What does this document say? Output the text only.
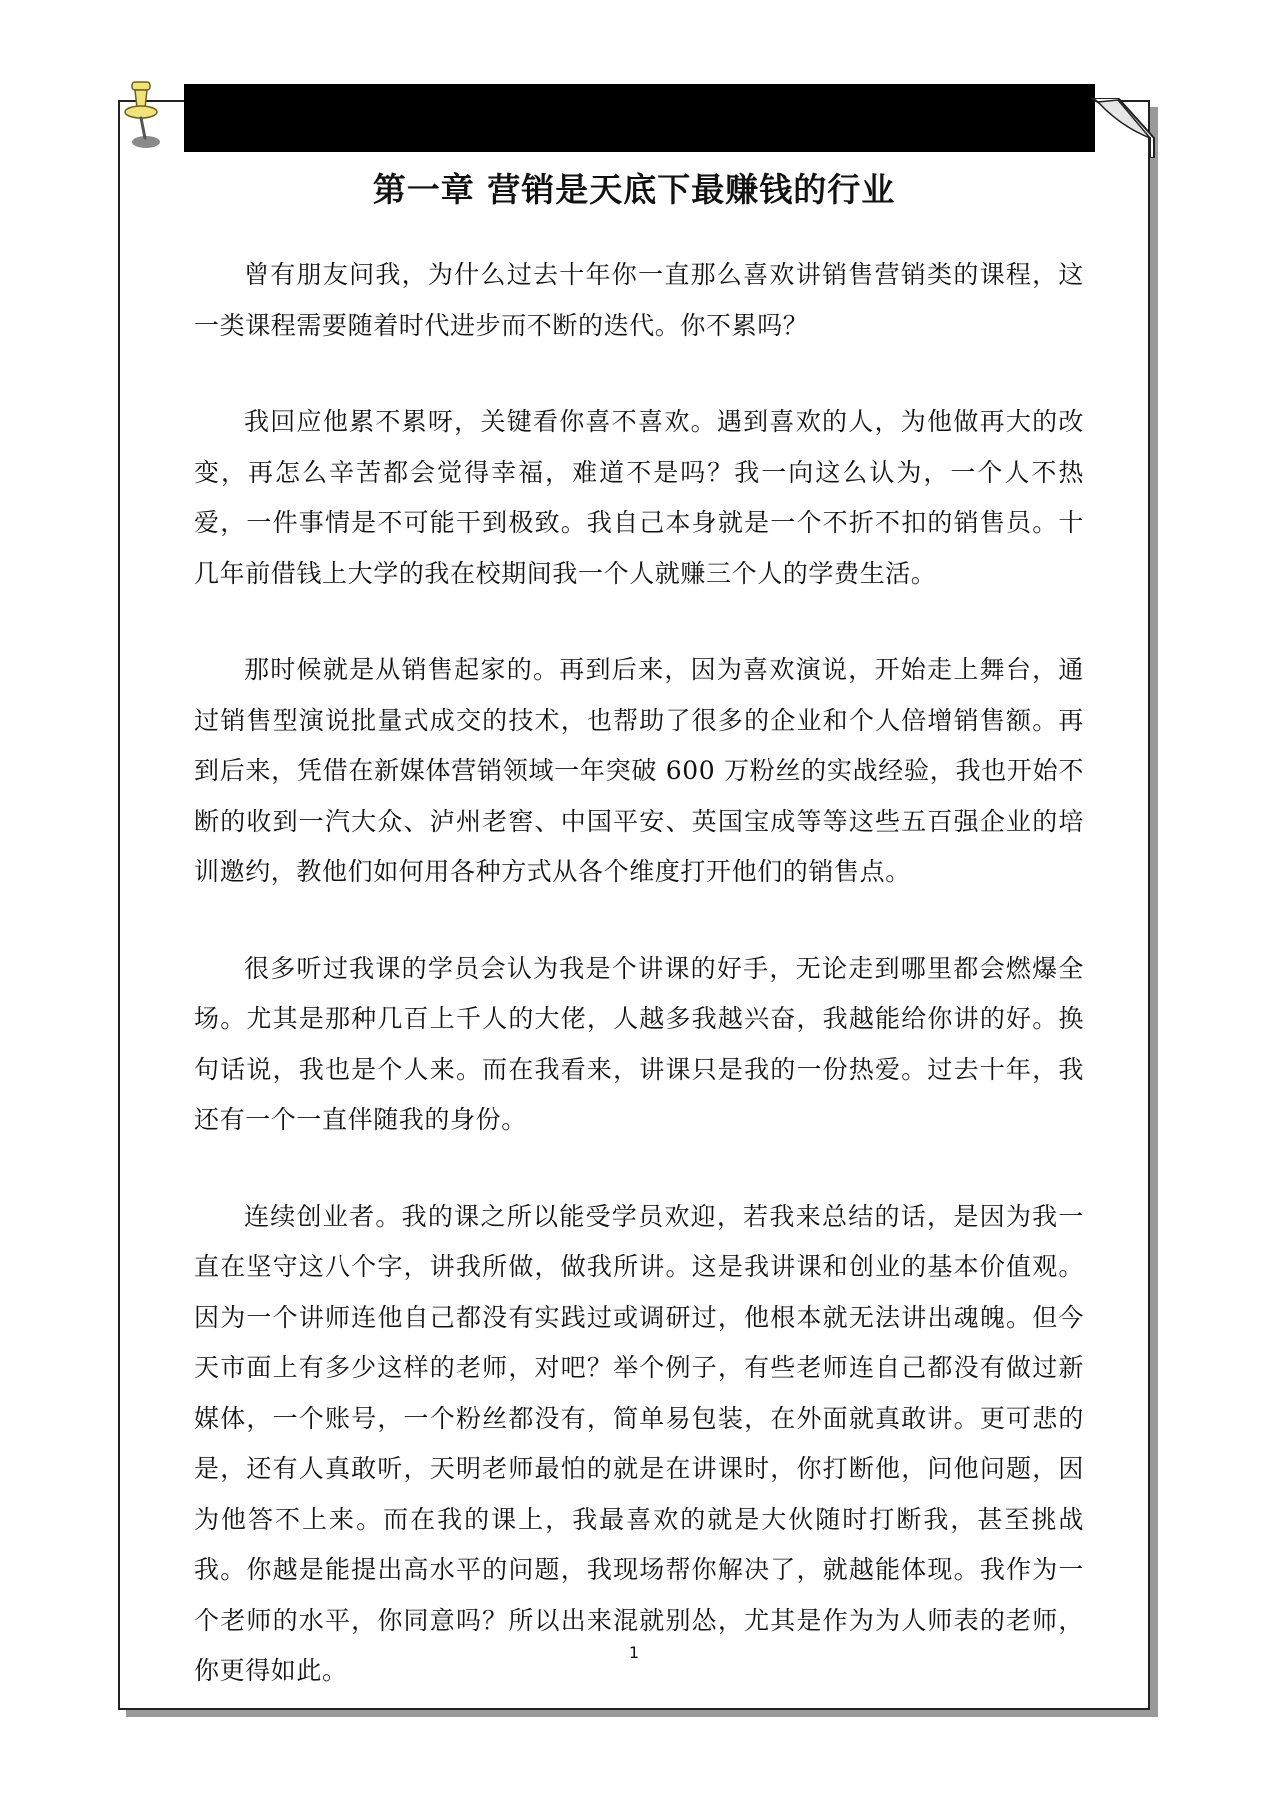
第一章 营销是天底下最赚钱的行业

曾有朋友问我，为什么过去十年你一直那么喜欢讲销售营销类的课程，这一类课程需要随着时代进步而不断的迭代。你不累吗？

我回应他累不累呀，关键看你喜不喜欢。遇到喜欢的人，为他做再大的改变，再怎么辛苦都会觉得幸福，难道不是吗？我一向这么认为，一个人不热爱，一件事情是不可能干到极致。我自己本身就是一个不折不扣的销售员。十几年前借钱上大学的我在校期间我一个人就赚三个人的学费生活。

那时候就是从销售起家的。再到后来，因为喜欢演说，开始走上舞台，通过销售型演说批量式成交的技术，也帮助了很多的企业和个人倍增销售额。再到后来，凭借在新媒体营销领域一年突破 600 万粉丝的实战经验，我也开始不断的收到一汽大众、泸州老窖、中国平安、英国宝成等等这些五百强企业的培训邀约，教他们如何用各种方式从各个维度打开他们的销售点。

很多听过我课的学员会认为我是个讲课的好手，无论走到哪里都会燃爆全场。尤其是那种几百上千人的大佬，人越多我越兴奋，我越能给你讲的好。换句话说，我也是个人来。而在我看来，讲课只是我的一份热爱。过去十年，我还有一个一直伴随我的身份。

连续创业者。我的课之所以能受学员欢迎，若我来总结的话，是因为我一直在坚守这八个字，讲我所做，做我所讲。这是我讲课和创业的基本价值观。因为一个讲师连他自己都没有实践过或调研过，他根本就无法讲出魂魄。但今天市面上有多少这样的老师，对吧？举个例子，有些老师连自己都没有做过新媒体，一个账号，一个粉丝都没有，简单易包装，在外面就真敢讲。更可悲的是，还有人真敢听，天明老师最怕的就是在讲课时，你打断他，问他问题，因为他答不上来。而在我的课上，我最喜欢的就是大伙随时打断我，甚至挑战我。你越是能提出高水平的问题，我现场帮你解决了，就越能体现。我作为一个老师的水平，你同意吗？所以出来混就别怂，尤其是作为为人师表的老师，你更得如此。

1
